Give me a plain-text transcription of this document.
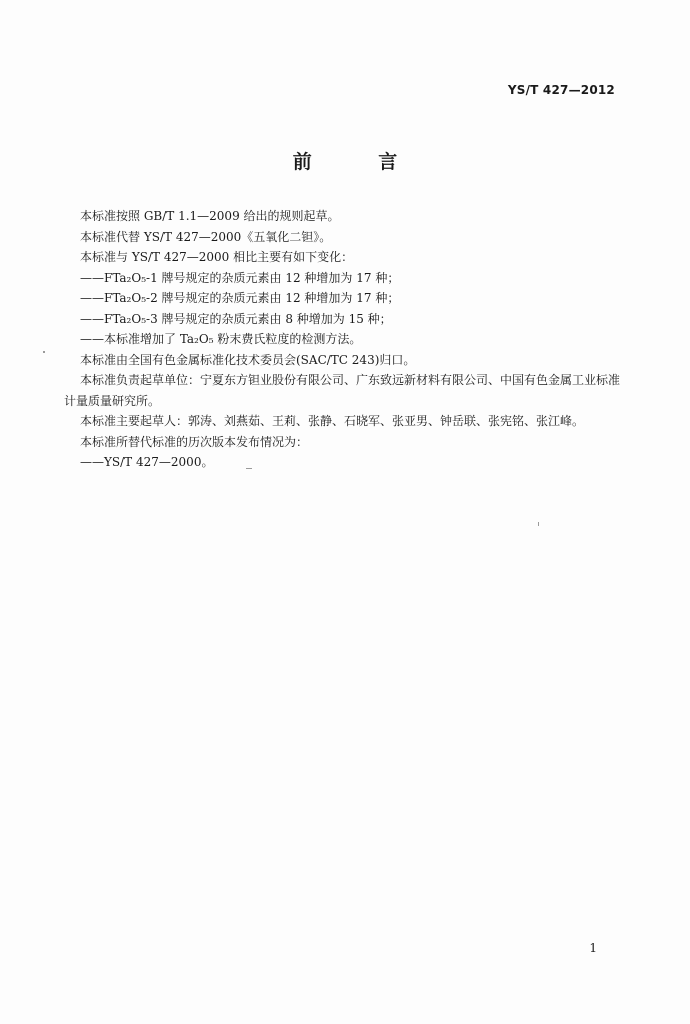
YS/T 427—2012
前 言

本标准按照 GB/T 1.1—2009 给出的规则起草。

本标准代替 YS/T 427—2000《五氧化二钽》。

本标准与 YS/T 427—2000 相比主要有如下变化：

——FTa₂O₅-1 牌号规定的杂质元素由 12 种增加为 17 种；

——FTa₂O₅-2 牌号规定的杂质元素由 12 种增加为 17 种；

——FTa₂O₅-3 牌号规定的杂质元素由 8 种增加为 15 种；

——本标准增加了 Ta₂O₅ 粉末费氏粒度的检测方法。

本标准由全国有色金属标准化技术委员会(SAC/TC 243)归口。

本标准负责起草单位：宁夏东方钽业股份有限公司、广东致远新材料有限公司、中国有色金属工业标准计量质量研究所。

本标准主要起草人：郭涛、刘燕茹、王莉、张静、石晓军、张亚男、钟岳联、张宪铭、张江峰。

本标准所替代标准的历次版本发布情况为：

——YS/T 427—2000。

1
